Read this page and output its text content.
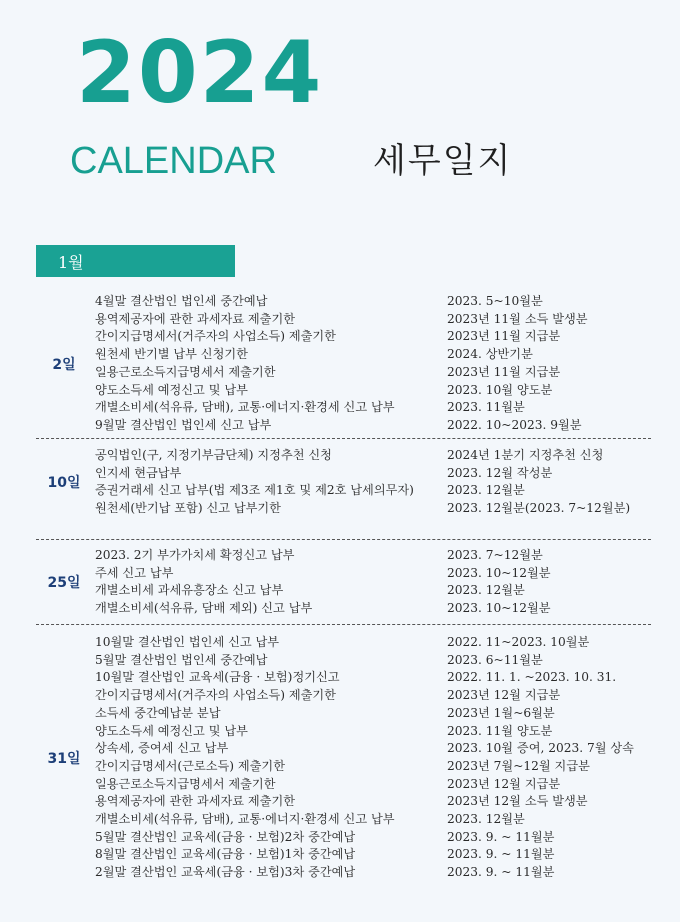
2024
CALENDAR	세무일지
1월
2일
4월말 결산법인 법인세 중간예납	2023. 5~10월분
용역제공자에 관한 과세자료 제출기한	2023년 11월 소득 발생분
간이지급명세서(거주자의 사업소득) 제출기한	2023년 11월 지급분
원천세 반기별 납부 신청기한	2024. 상반기분
일용근로소득지급명세서 제출기한	2023년 11월 지급분
양도소득세 예정신고 및 납부	2023. 10월 양도분
개별소비세(석유류, 담배), 교통·에너지·환경세 신고 납부	2023. 11월분
9월말 결산법인 법인세 신고 납부	2022. 10~2023. 9월분
10일
공익법인(구, 지정기부금단체) 지정추천 신청	2024년 1분기 지정추천 신청
인지세 현금납부	2023. 12월 작성분
증권거래세 신고 납부(법 제3조 제1호 및 제2호 납세의무자)	2023. 12월분
원천세(반기납 포함) 신고 납부기한	2023. 12월분(2023. 7~12월분)
25일
2023. 2기 부가가치세 확정신고 납부	2023. 7~12월분
주세 신고 납부	2023. 10~12월분
개별소비세 과세유흥장소 신고 납부	2023. 12월분
개별소비세(석유류, 담배 제외) 신고 납부	2023. 10~12월분
31일
10월말 결산법인 법인세 신고 납부	2022. 11~2023. 10월분
5월말 결산법인 법인세 중간예납	2023. 6~11월분
10월말 결산법인 교육세(금융 · 보험)정기신고	2022. 11. 1. ~2023. 10. 31.
간이지급명세서(거주자의 사업소득) 제출기한	2023년 12월 지급분
소득세 중간예납분 분납	2023년 1월~6월분
양도소득세 예정신고 및 납부	2023. 11월 양도분
상속세, 증여세 신고 납부	2023. 10월 증여, 2023. 7월 상속
간이지급명세서(근로소득) 제출기한	2023년 7월~12월 지급분
일용근로소득지급명세서 제출기한	2023년 12월 지급분
용역제공자에 관한 과세자료 제출기한	2023년 12월 소득 발생분
개별소비세(석유류, 담배), 교통·에너지·환경세 신고 납부	2023. 12월분
5월말 결산법인 교육세(금융 · 보험)2차 중간예납	2023. 9. ~ 11월분
8월말 결산법인 교육세(금융 · 보험)1차 중간예납	2023. 9. ~ 11월분
2월말 결산법인 교육세(금융 · 보험)3차 중간예납	2023. 9. ~ 11월분
